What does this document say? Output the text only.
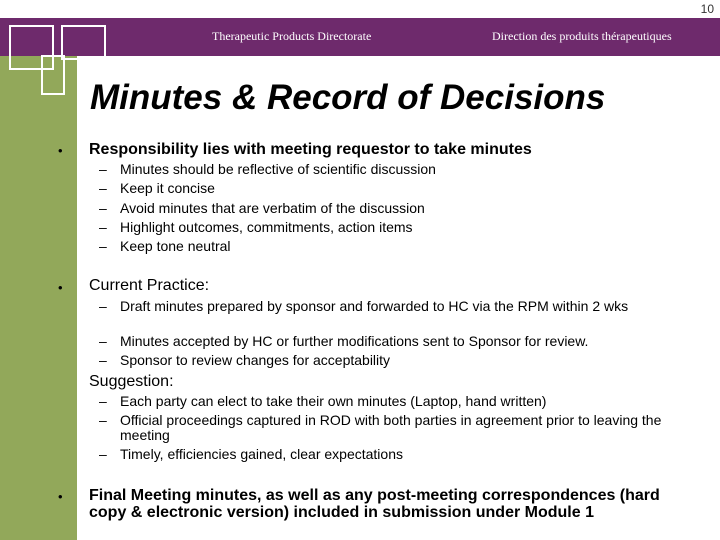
10
Therapeutic Products Directorate	Direction des produits thérapeutiques
Minutes & Record of Decisions
• Responsibility lies with meeting requestor to take minutes
– Minutes should be reflective of scientific discussion
– Keep it concise
– Avoid minutes that are verbatim of the discussion
– Highlight outcomes, commitments, action items
– Keep tone neutral
• Current Practice:
– Draft minutes prepared by sponsor and forwarded to HC via the RPM within 2 wks
– Minutes accepted by HC or further modifications sent to Sponsor for review.
– Sponsor to review changes for acceptability
Suggestion:
– Each party can elect to take their own minutes (Laptop, hand written)
– Official proceedings captured in ROD with both parties in agreement prior to leaving the meeting
– Timely, efficiencies gained, clear expectations
• Final Meeting minutes, as well as any post-meeting correspondences (hard copy & electronic version) included in submission under Module 1
